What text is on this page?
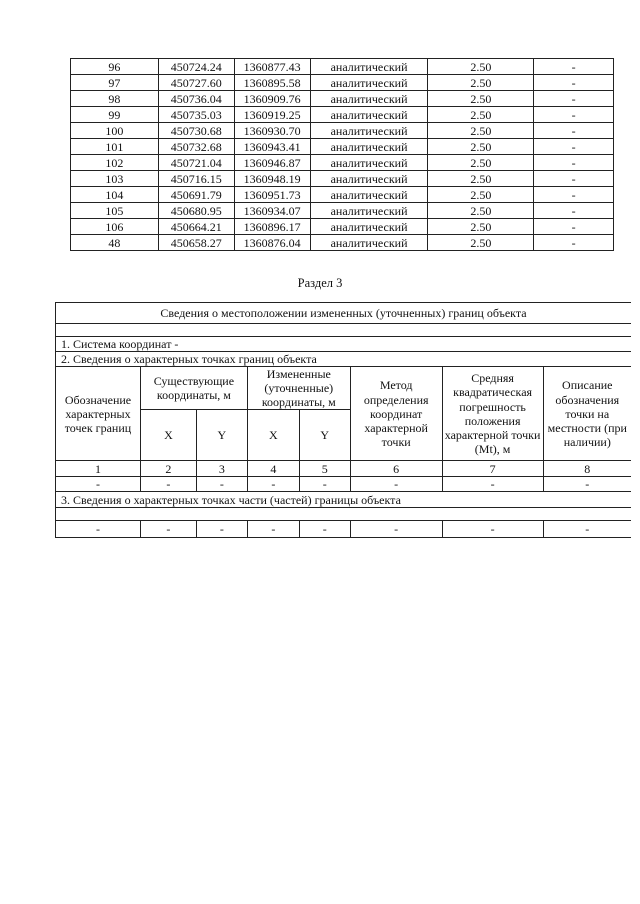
96	450724.24	1360877.43	аналитический	2.50	-
97	450727.60	1360895.58	аналитический	2.50	-
98	450736.04	1360909.76	аналитический	2.50	-
99	450735.03	1360919.25	аналитический	2.50	-
100	450730.68	1360930.70	аналитический	2.50	-
101	450732.68	1360943.41	аналитический	2.50	-
102	450721.04	1360946.87	аналитический	2.50	-
103	450716.15	1360948.19	аналитический	2.50	-
104	450691.79	1360951.73	аналитический	2.50	-
105	450680.95	1360934.07	аналитический	2.50	-
106	450664.21	1360896.17	аналитический	2.50	-
48	450658.27	1360876.04	аналитический	2.50	-
Раздел 3
Сведения о местоположении измененных (уточненных) границ объекта							

1. Система координат -							
2. Сведения о характерных точках границ объекта							
Обозначение характерных точек границ	Существующие координаты, м		Измененные (уточненные) координаты, м		Метод определения координат характерной точки	Средняя квадратическая погрешность положения характерной точки (Mt), м	Описание обозначения точки на местности (при наличии)
	X	Y	X	Y			
1	2	3	4	5	6	7	8
-	-	-	-	-	-	-	-
3. Сведения о характерных точках части (частей) границы объекта							

-	-	-	-	-	-	-	-
